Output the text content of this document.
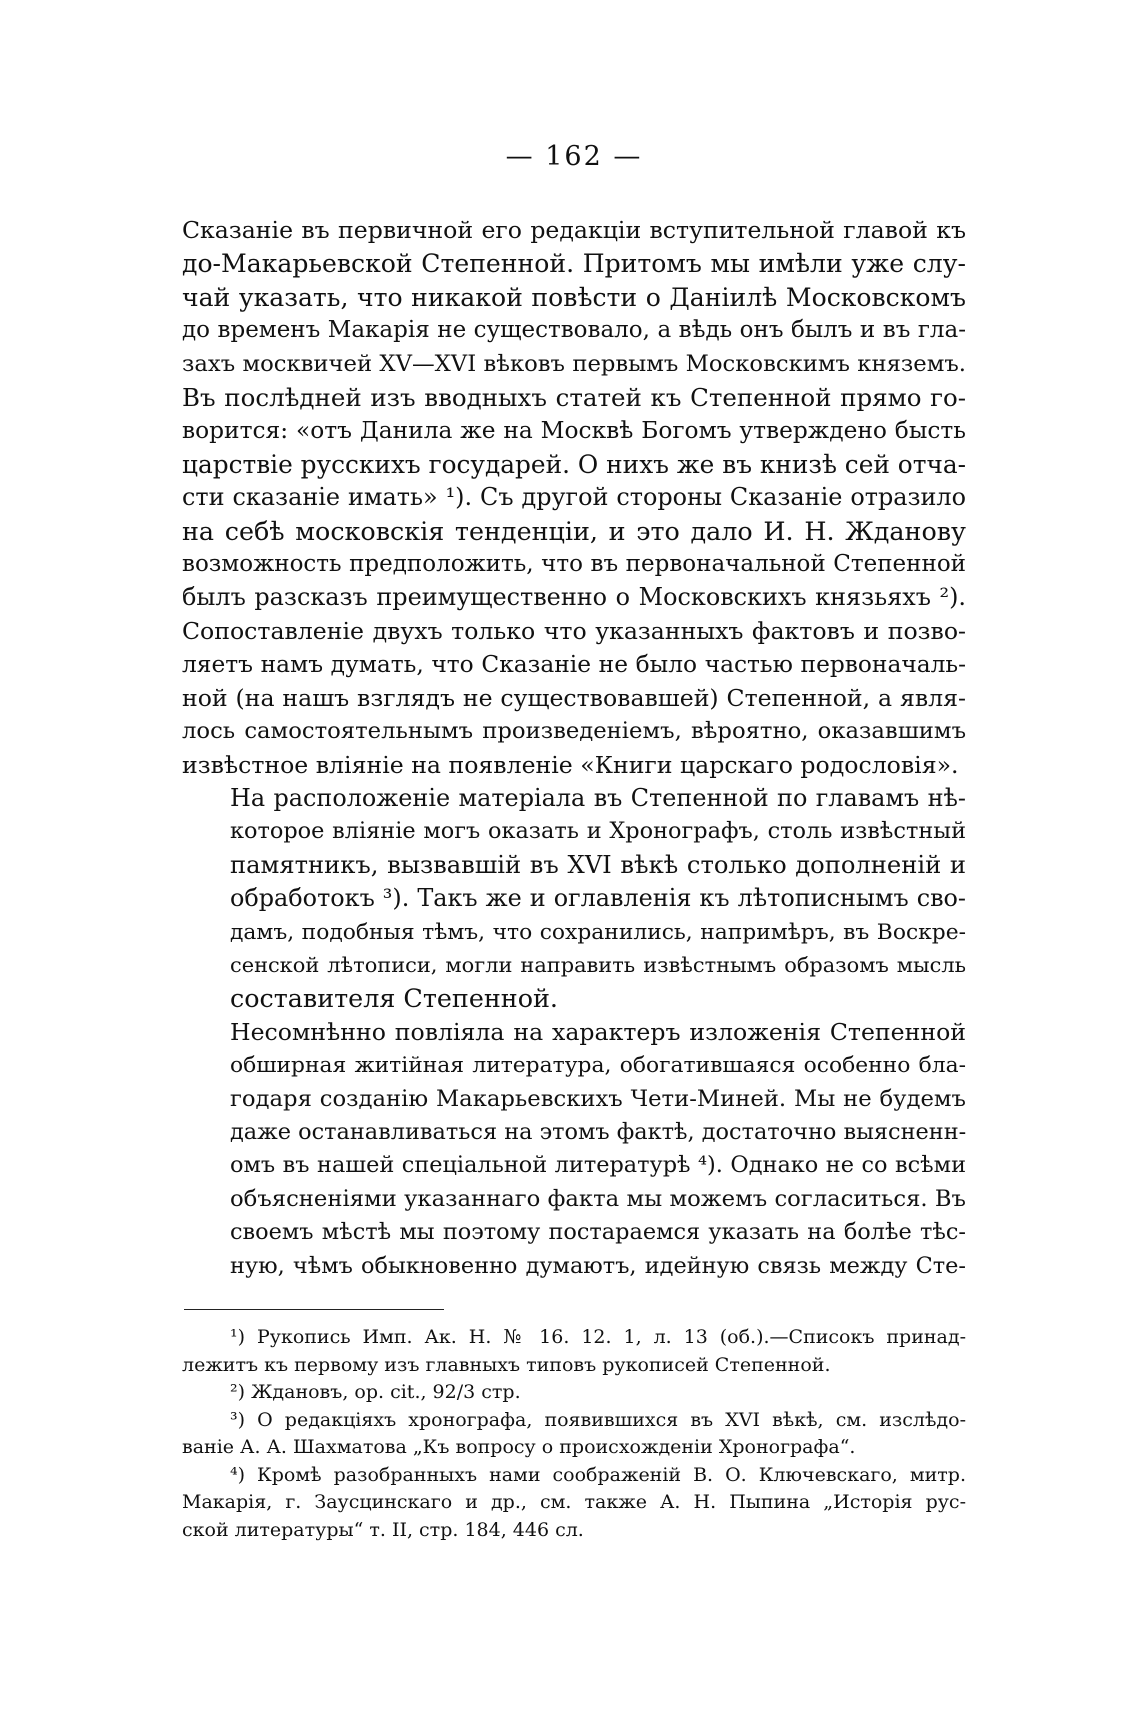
— 162 —

Сказаніе въ первичной его редакціи вступительной главой къ
до-Макарьевской Степенной. Притомъ мы имѣли уже слу-
чай указать, что никакой повѣсти о Даніилѣ Московскомъ
до временъ Макарія не существовало, а вѣдь онъ былъ и въ гла-
захъ москвичей XV—XVI вѣковъ первымъ Московскимъ княземъ.
Въ послѣдней изъ вводныхъ статей къ Степенной прямо го-
ворится: «отъ Данила же на Москвѣ Богомъ утверждено бысть
царствіе русскихъ государей. О нихъ же въ книзѣ сей отча-
сти сказаніе имать» ¹). Съ другой стороны Сказаніе отразило
на себѣ московскія тенденціи, и это дало И. Н. Жданову
возможность предположить, что въ первоначальной Степенной
былъ разсказъ преимущественно о Московскихъ князьяхъ ²).
Сопоставленіе двухъ только что указанныхъ фактовъ и позво-
ляетъ намъ думать, что Сказаніе не было частью первоначаль-
ной (на нашъ взглядъ не существовавшей) Степенной, а явля-
лось самостоятельнымъ произведеніемъ, вѣроятно, оказавшимъ
извѣстное вліяніе на появленіе «Книги царскаго родословія».

На расположеніе матеріала въ Степенной по главамъ нѣ-
которое вліяніе могъ оказать и Хронографъ, столь извѣстный
памятникъ, вызвавшій въ XVI вѣкѣ столько дополненій и
обработокъ ³). Такъ же и оглавленія къ лѣтописнымъ сво-
дамъ, подобныя тѣмъ, что сохранились, напримѣръ, въ Воскре-
сенской лѣтописи, могли направить извѣстнымъ образомъ мысль
составителя Степенной.

Несомнѣнно повліяла на характеръ изложенія Степенной
обширная житійная литература, обогатившаяся особенно бла-
годаря созданію Макарьевскихъ Чети-Миней. Мы не будемъ
даже останавливаться на этомъ фактѣ, достаточно выясненн-
омъ въ нашей спеціальной литературѣ ⁴). Однако не со всѣми
объясненіями указаннаго факта мы можемъ согласиться. Въ
своемъ мѣстѣ мы поэтому постараемся указать на болѣе тѣс-
ную, чѣмъ обыкновенно думаютъ, идейную связь между Сте-

¹) Рукопись Имп. Ак. Н. № 16. 12. 1, л. 13 (об.).—Списокъ принад-
лежитъ къ первому изъ главныхъ типовъ рукописей Степенной.
²) Ждановъ, op. cit., 92/3 стр.
³) О редакціяхъ хронографа, появившихся въ XVI вѣкѣ, см. изслѣдо-
ваніе А. А. Шахматова „Къ вопросу о происхожденіи Хронографа“.
⁴) Кромѣ разобранныхъ нами соображеній В. О. Ключевскаго, митр.
Макарія, г. Заусцинскаго и др., см. также А. Н. Пыпина „Исторія рус-
ской литературы“ т. II, стр. 184, 446 сл.
